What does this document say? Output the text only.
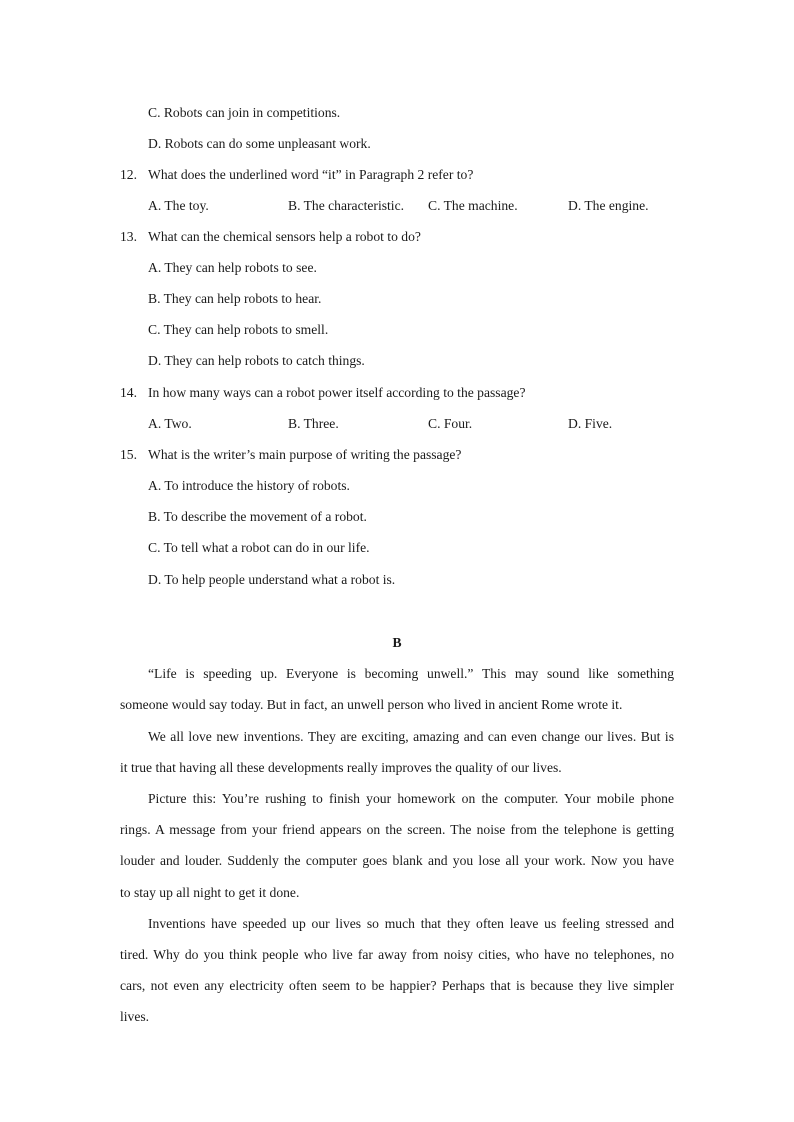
C. Robots can join in competitions.
D. Robots can do some unpleasant work.
12. What does the underlined word “it” in Paragraph 2 refer to?
A. The toy.	B. The characteristic. C. The machine.	D. The engine.
13. What can the chemical sensors help a robot to do?
A. They can help robots to see.
B. They can help robots to hear.
C. They can help robots to smell.
D. They can help robots to catch things.
14. In how many ways can a robot power itself according to the passage?
A. Two.	B. Three.	C. Four.	D. Five.
15. What is the writer’s main purpose of writing the passage?
A. To introduce the history of robots.
B. To describe the movement of a robot.
C. To tell what a robot can do in our life.
D. To help people understand what a robot is.
B
“Life is speeding up. Everyone is becoming unwell.” This may sound like something
someone would say today. But in fact, an unwell person who lived in ancient Rome wrote it.
We all love new inventions. They are exciting, amazing and can even change our lives. But is
it true that having all these developments really improves the quality of our lives.
Picture this: You’re rushing to finish your homework on the computer. Your mobile phone
rings. A message from your friend appears on the screen. The noise from the telephone is getting
louder and louder. Suddenly the computer goes blank and you lose all your work. Now you have
to stay up all night to get it done.
Inventions have speeded up our lives so much that they often leave us feeling stressed and
tired. Why do you think people who live far away from noisy cities, who have no telephones, no
cars, not even any electricity often seem to be happier? Perhaps that is because they live simpler
lives.
